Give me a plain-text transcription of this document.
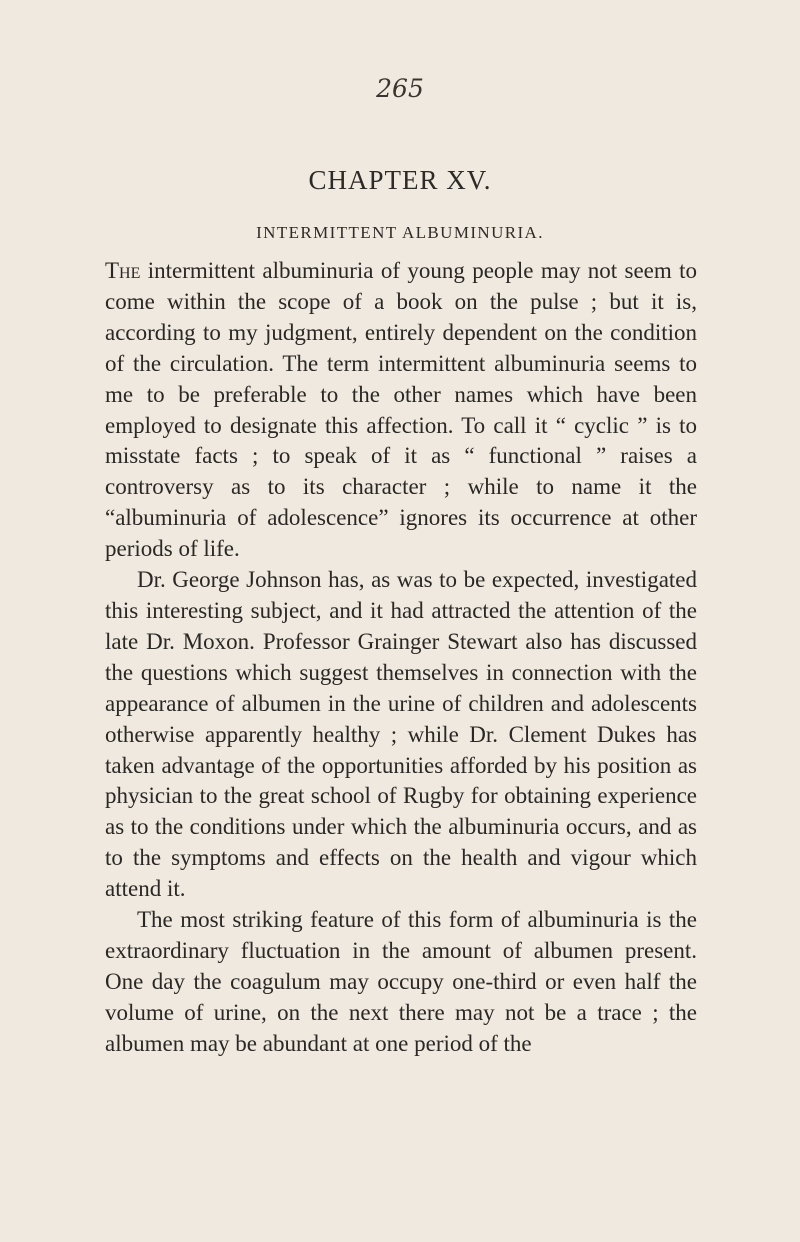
265
CHAPTER XV.
INTERMITTENT ALBUMINURIA.

The intermittent albuminuria of young people may not seem to come within the scope of a book on the pulse ; but it is, according to my judgment, entirely dependent on the condition of the circulation. The term intermittent albuminuria seems to me to be preferable to the other names which have been employed to designate this affection. To call it “ cyclic ” is to misstate facts ; to speak of it as “ functional ” raises a controversy as to its character ; while to name it the “albuminuria of adolescence” ignores its occurrence at other periods of life.

Dr. George Johnson has, as was to be expected, investigated this interesting subject, and it had attracted the attention of the late Dr. Moxon. Professor Grainger Stewart also has discussed the questions which suggest themselves in connection with the appearance of albumen in the urine of children and adolescents otherwise apparently healthy ; while Dr. Clement Dukes has taken advantage of the opportunities afforded by his position as physician to the great school of Rugby for obtaining experience as to the conditions under which the albuminuria occurs, and as to the symptoms and effects on the health and vigour which attend it.

The most striking feature of this form of albuminuria is the extraordinary fluctuation in the amount of albumen present. One day the coagulum may occupy one-third or even half the volume of urine, on the next there may not be a trace ; the albumen may be abundant at one period of the
